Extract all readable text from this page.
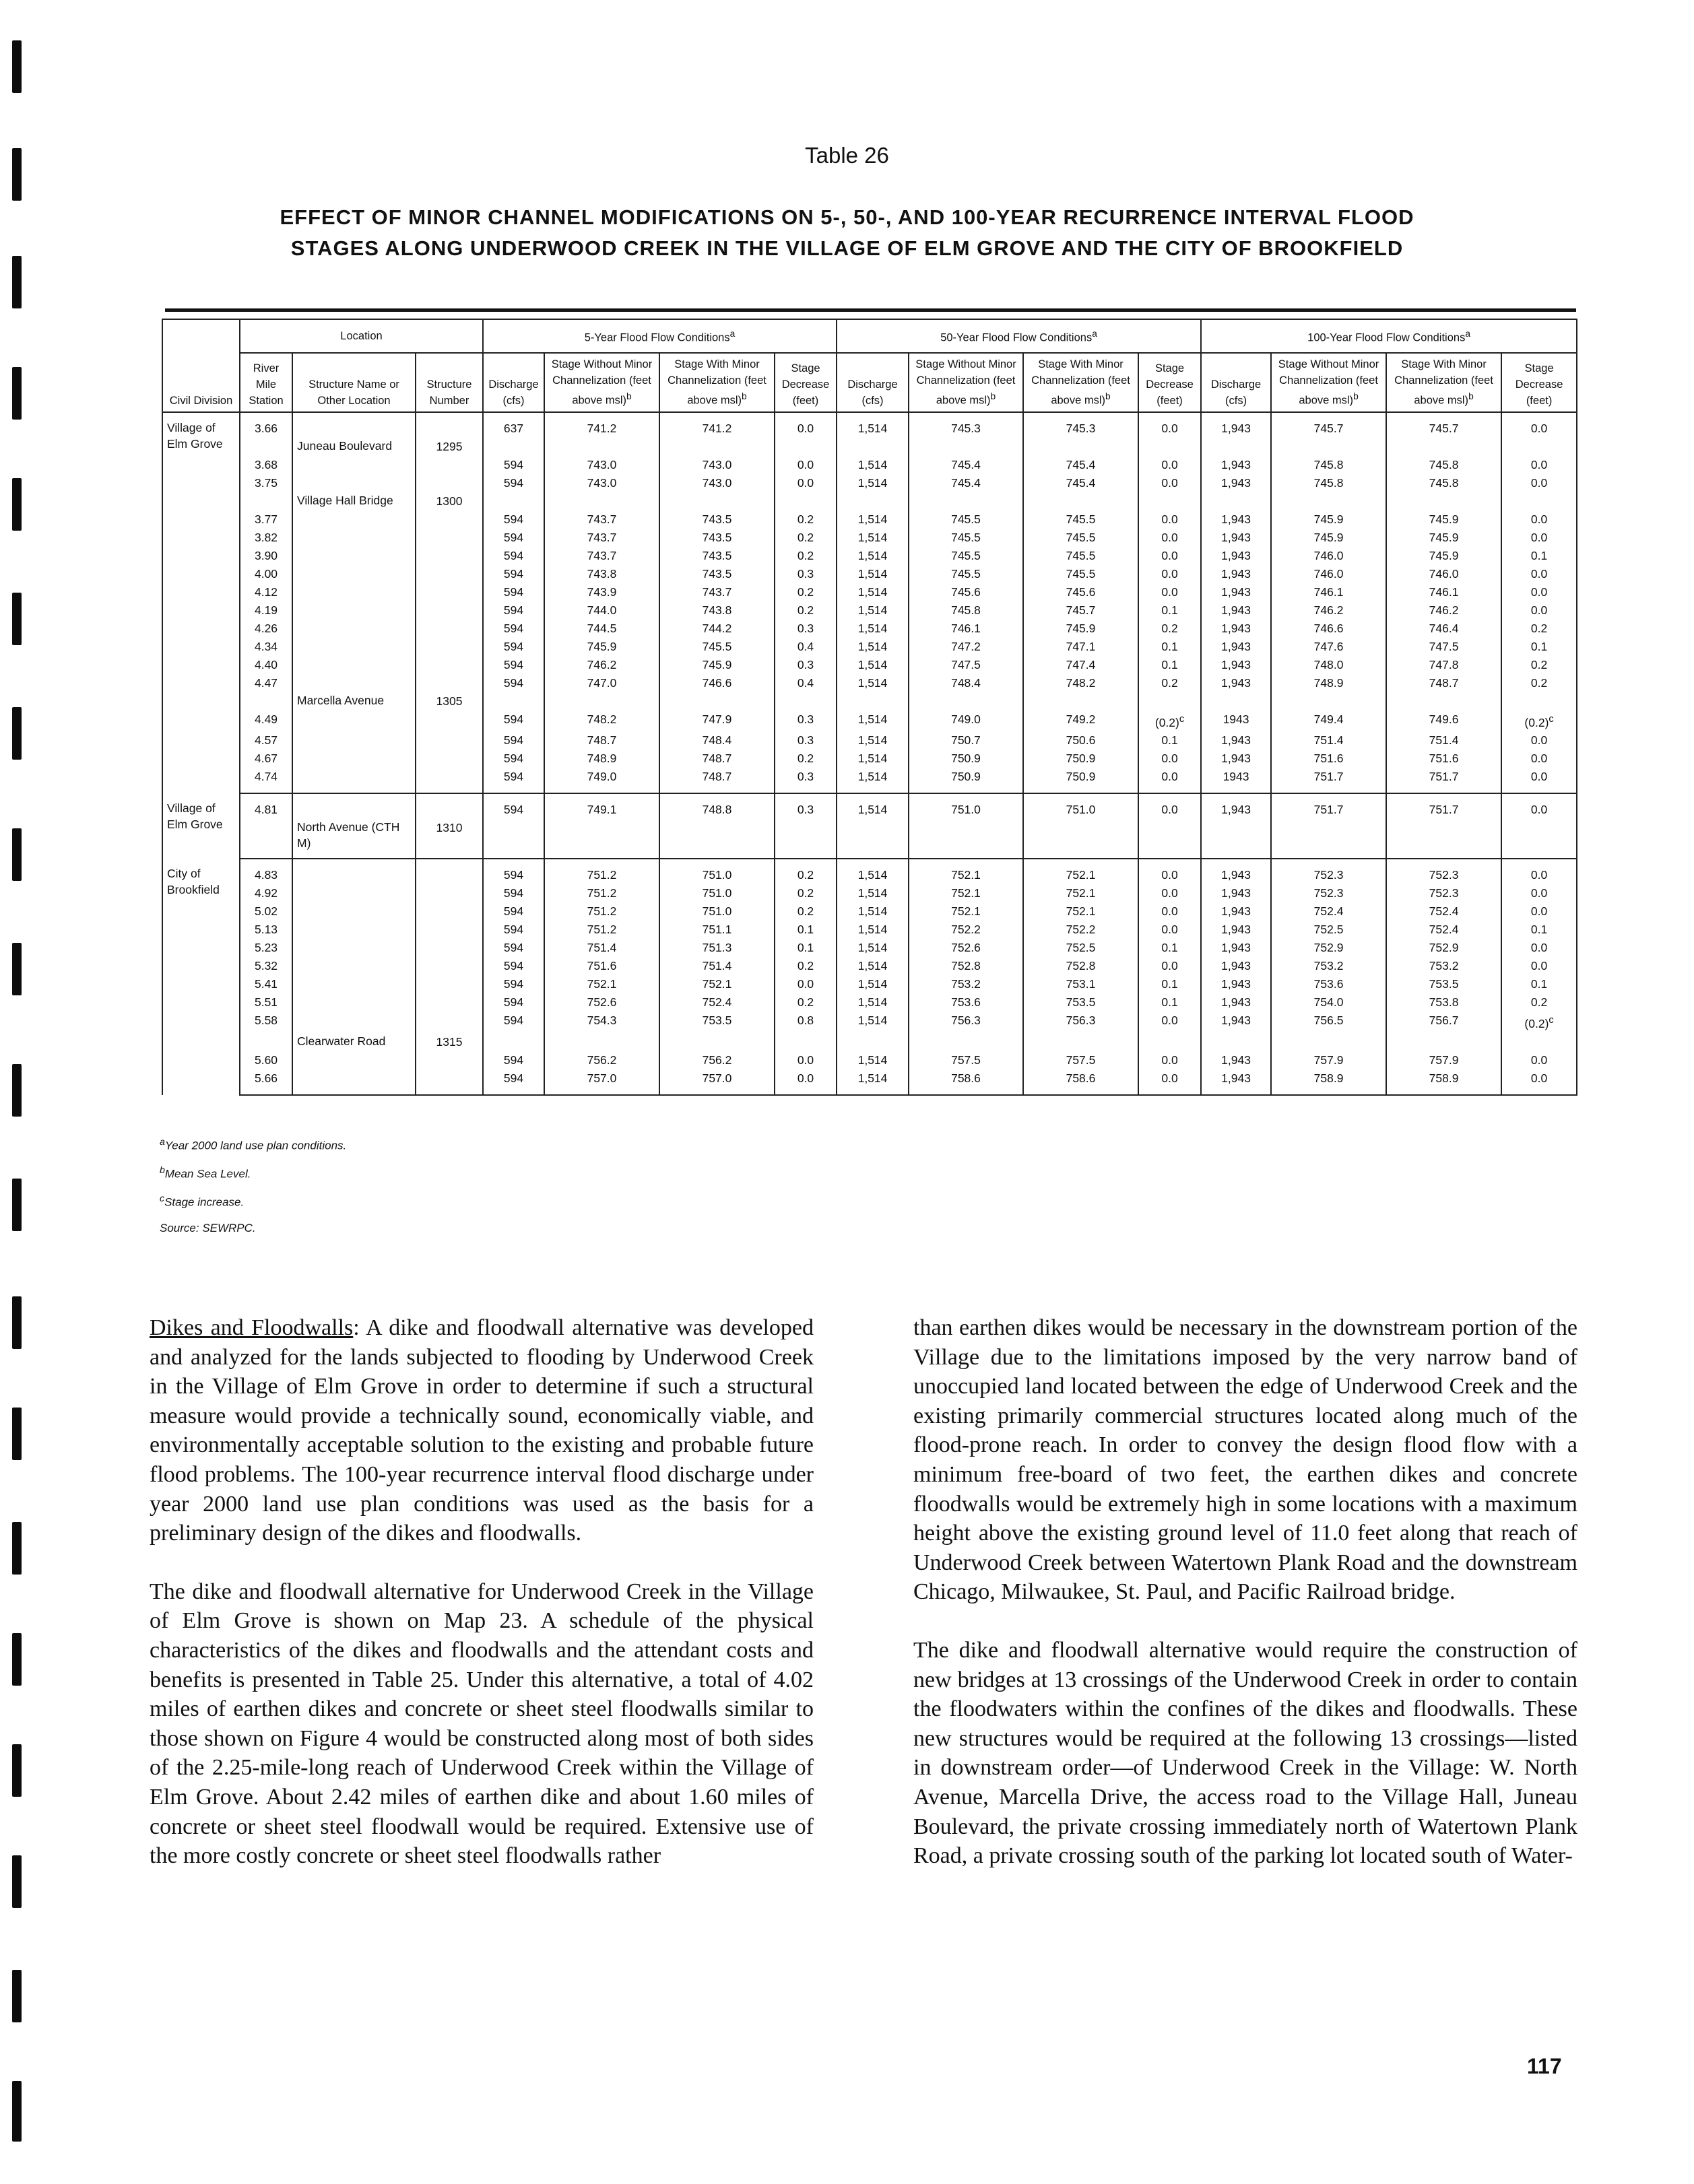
Table 26
EFFECT OF MINOR CHANNEL MODIFICATIONS ON 5-, 50-, AND 100-YEAR RECURRENCE INTERVAL FLOOD
STAGES ALONG UNDERWOOD CREEK IN THE VILLAGE OF ELM GROVE AND THE CITY OF BROOKFIELD
Civil Division	Location			5-Year Flood Flow Conditions$^a$				50-Year Flood Flow Conditions$^a$				100-Year Flood Flow Conditions$^a$
	River Mile Station	Structure Name or Other Location	Structure Number	Discharge (cfs)	Stage Without Minor Channelization (feet above msl)$^b$	Stage With Minor Channelization (feet above msl)$^b$	Stage Decrease (feet)	Discharge (cfs)	Stage Without Minor Channelization (feet above msl)$^b$	Stage With Minor Channelization (feet above msl)$^b$	Stage Decrease (feet)	Discharge (cfs)	Stage Without Minor Channelization (feet above msl)$^b$	Stage With Minor Channelization (feet above msl)$^b$	Stage Decrease (feet)
Village of Elm Grove	3.66			637	741.2	741.2	0.0	1,514	745.3	745.3	0.0	1,943	745.7	745.7	0.0
		Juneau Boulevard	1295												
	3.68			594	743.0	743.0	0.0	1,514	745.4	745.4	0.0	1,943	745.8	745.8	0.0
	3.75			594	743.0	743.0	0.0	1,514	745.4	745.4	0.0	1,943	745.8	745.8	0.0
		Village Hall Bridge	1300												
	3.77			594	743.7	743.5	0.2	1,514	745.5	745.5	0.0	1,943	745.9	745.9	0.0
	3.82			594	743.7	743.5	0.2	1,514	745.5	745.5	0.0	1,943	745.9	745.9	0.0
	3.90			594	743.7	743.5	0.2	1,514	745.5	745.5	0.0	1,943	746.0	745.9	0.1
	4.00			594	743.8	743.5	0.3	1,514	745.5	745.5	0.0	1,943	746.0	746.0	0.0
	4.12			594	743.9	743.7	0.2	1,514	745.6	745.6	0.0	1,943	746.1	746.1	0.0
	4.19			594	744.0	743.8	0.2	1,514	745.8	745.7	0.1	1,943	746.2	746.2	0.0
	4.26			594	744.5	744.2	0.3	1,514	746.1	745.9	0.2	1,943	746.6	746.4	0.2
	4.34			594	745.9	745.5	0.4	1,514	747.2	747.1	0.1	1,943	747.6	747.5	0.1
	4.40			594	746.2	745.9	0.3	1,514	747.5	747.4	0.1	1,943	748.0	747.8	0.2
	4.47			594	747.0	746.6	0.4	1,514	748.4	748.2	0.2	1,943	748.9	748.7	0.2
		Marcella Avenue	1305												
	4.49			594	748.2	747.9	0.3	1,514	749.0	749.2	$(0.2)^c$	1943	749.4	749.6	$(0.2)^c$
	4.57			594	748.7	748.4	0.3	1,514	750.7	750.6	0.1	1,943	751.4	751.4	0.0
	4.67			594	748.9	748.7	0.2	1,514	750.9	750.9	0.0	1,943	751.6	751.6	0.0
	4.74			594	749.0	748.7	0.3	1,514	750.9	750.9	0.0	1943	751.7	751.7	0.0
Village of Elm Grove	4.81			594	749.1	748.8	0.3	1,514	751.0	751.0	0.0	1,943	751.7	751.7	0.0
		North Avenue (CTH M)	1310												
City of Brookfield	4.83			594	751.2	751.0	0.2	1,514	752.1	752.1	0.0	1,943	752.3	752.3	0.0
	4.92			594	751.2	751.0	0.2	1,514	752.1	752.1	0.0	1,943	752.3	752.3	0.0
	5.02			594	751.2	751.0	0.2	1,514	752.1	752.1	0.0	1,943	752.4	752.4	0.0
	5.13			594	751.2	751.1	0.1	1,514	752.2	752.2	0.0	1,943	752.5	752.4	0.1
	5.23			594	751.4	751.3	0.1	1,514	752.6	752.5	0.1	1,943	752.9	752.9	0.0
	5.32			594	751.6	751.4	0.2	1,514	752.8	752.8	0.0	1,943	753.2	753.2	0.0
	5.41			594	752.1	752.1	0.0	1,514	753.2	753.1	0.1	1,943	753.6	753.5	0.1
	5.51			594	752.6	752.4	0.2	1,514	753.6	753.5	0.1	1,943	754.0	753.8	0.2
	5.58			594	754.3	753.5	0.8	1,514	756.3	756.3	0.0	1,943	756.5	756.7	$(0.2)^c$
		Clearwater Road	1315												
	5.60			594	756.2	756.2	0.0	1,514	757.5	757.5	0.0	1,943	757.9	757.9	0.0
	5.66			594	757.0	757.0	0.0	1,514	758.6	758.6	0.0	1,943	758.9	758.9	0.0
$^a$Year 2000 land use plan conditions.
$^b$Mean Sea Level.
$^c$Stage increase.
Source: SEWRPC.

Dikes and Floodwalls: A dike and floodwall alternative was developed and analyzed for the lands subjected to flooding by Underwood Creek in the Village of Elm Grove in order to determine if such a structural measure would provide a technically sound, economically viable, and environmentally acceptable solution to the existing and probable future flood problems. The 100-year recurrence interval flood discharge under year 2000 land use plan conditions was used as the basis for a preliminary design of the dikes and floodwalls.

The dike and floodwall alternative for Underwood Creek in the Village of Elm Grove is shown on Map 23. A schedule of the physical characteristics of the dikes and floodwalls and the attendant costs and benefits is presented in Table 25. Under this alternative, a total of 4.02 miles of earthen dikes and concrete or sheet steel floodwalls similar to those shown on Figure 4 would be constructed along most of both sides of the 2.25-mile-long reach of Underwood Creek within the Village of Elm Grove. About 2.42 miles of earthen dike and about 1.60 miles of concrete or sheet steel floodwall would be required. Extensive use of the more costly concrete or sheet steel floodwalls rather

than earthen dikes would be necessary in the downstream portion of the Village due to the limitations imposed by the very narrow band of unoccupied land located between the edge of Underwood Creek and the existing primarily commercial structures located along much of the flood-prone reach. In order to convey the design flood flow with a minimum free-board of two feet, the earthen dikes and concrete floodwalls would be extremely high in some locations with a maximum height above the existing ground level of 11.0 feet along that reach of Underwood Creek between Watertown Plank Road and the downstream Chicago, Milwaukee, St. Paul, and Pacific Railroad bridge.

The dike and floodwall alternative would require the construction of new bridges at 13 crossings of the Underwood Creek in order to contain the floodwaters within the confines of the dikes and floodwalls. These new structures would be required at the following 13 crossings—listed in downstream order—of Underwood Creek in the Village: W. North Avenue, Marcella Drive, the access road to the Village Hall, Juneau Boulevard, the private crossing immediately north of Watertown Plank Road, a private crossing south of the parking lot located south of Water-

117
